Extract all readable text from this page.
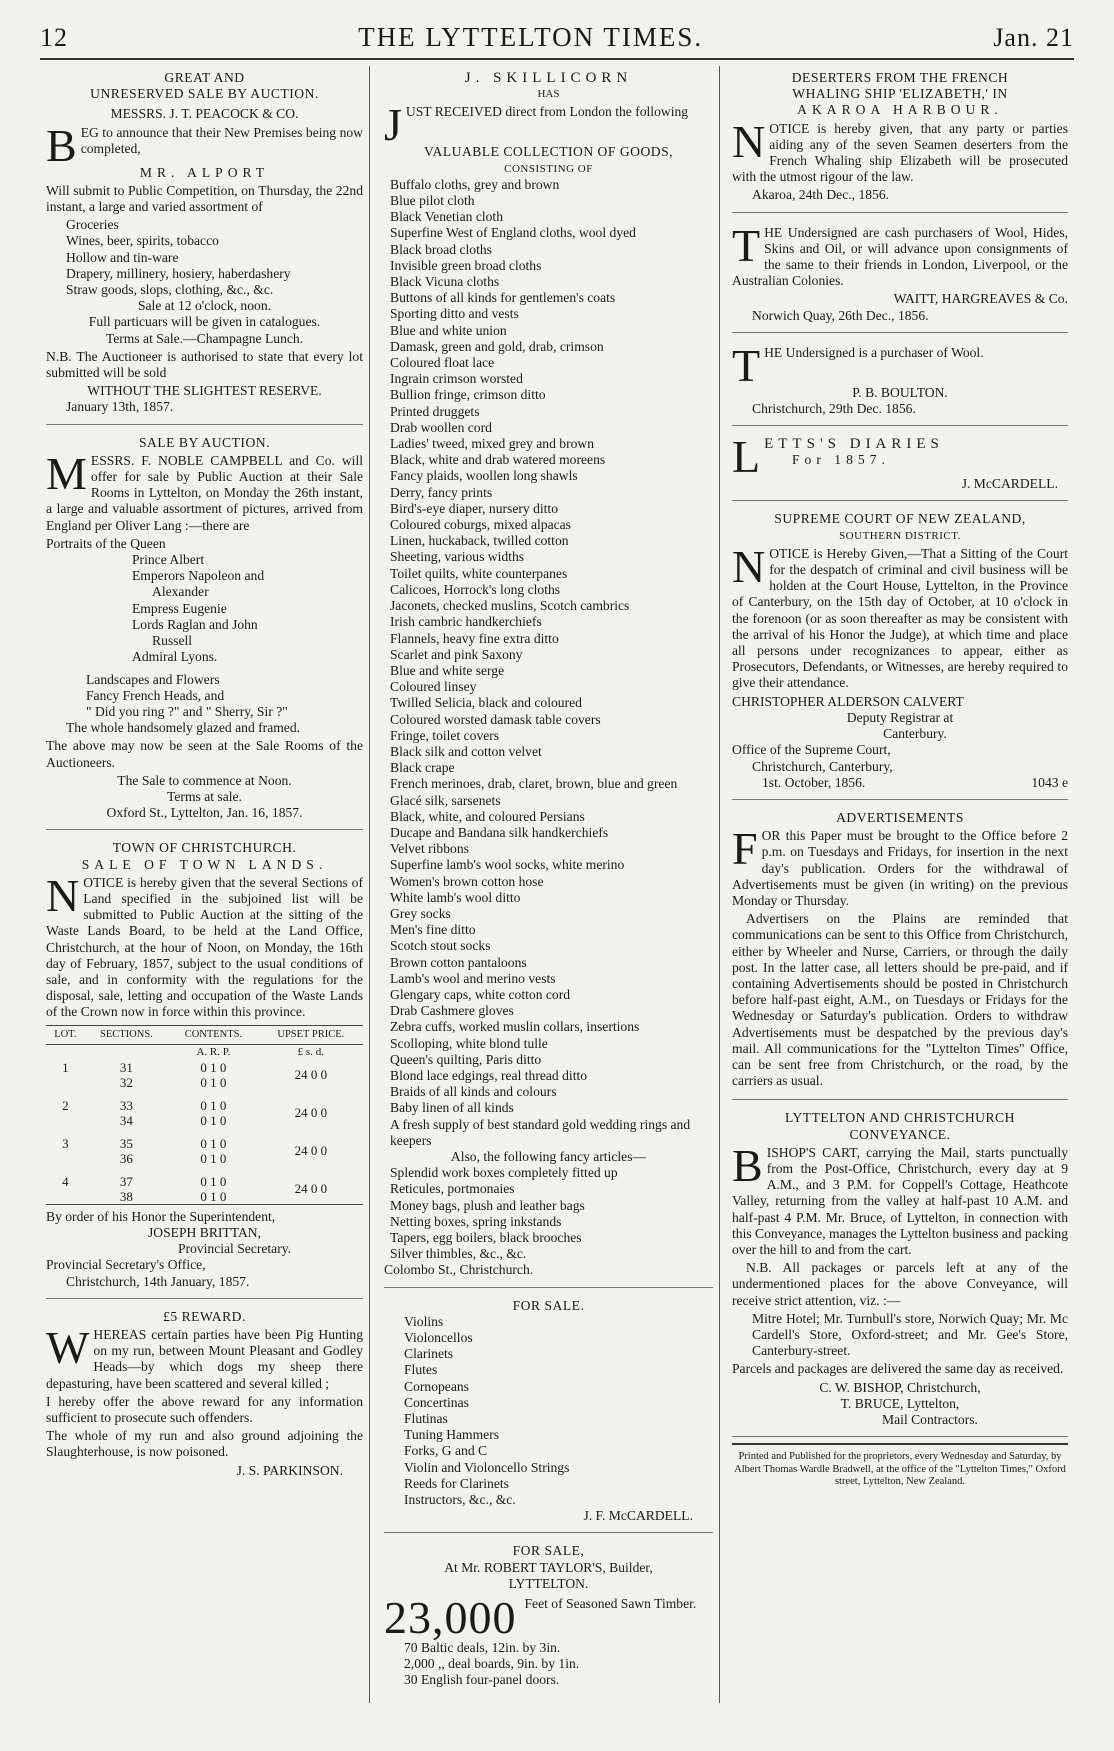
12	THE LYTTELTON TIMES.	Jan. 21
GREAT AND
UNRESERVED SALE BY AUCTION.
MESSRS. J. T. PEACOCK & CO.

BEG to announce that their New Premises being now completed,

MR. ALPORT

Will submit to Public Competition, on Thursday, the 22nd instant, a large and varied assortment of

Groceries
Wines, beer, spirits, tobacco
Hollow and tin-ware
Drapery, millinery, hosiery, haberdashery
Straw goods, slops, clothing, &c., &c.
Sale at 12 o'clock, noon.
Full particuars will be given in catalogues.
Terms at Sale.—Champagne Lunch.

N.B. The Auctioneer is authorised to state that every lot submitted will be sold

WITHOUT THE SLIGHTEST RESERVE.
January 13th, 1857.
SALE BY AUCTION.

MESSRS. F. NOBLE CAMPBELL and Co. will offer for sale by Public Auction at their Sale Rooms in Lyttelton, on Monday the 26th instant, a large and valuable assortment of pictures, arrived from England per Oliver Lang :—there are

Portraits of the Queen
Prince Albert
Emperors Napoleon and
Alexander
Empress Eugenie
Lords Raglan and John
Russell
Admiral Lyons.
Landscapes and Flowers
Fancy French Heads, and
" Did you ring ?" and " Sherry, Sir ?"
The whole handsomely glazed and framed.

The above may now be seen at the Sale Rooms of the Auctioneers.

The Sale to commence at Noon.
Terms at sale.
Oxford St., Lyttelton, Jan. 16, 1857.
TOWN OF CHRISTCHURCH.
SALE OF TOWN LANDS.

NOTICE is hereby given that the several Sections of Land specified in the subjoined list will be submitted to Public Auction at the sitting of the Waste Lands Board, to be held at the Land Office, Christchurch, at the hour of Noon, on Monday, the 16th day of February, 1857, subject to the usual conditions of sale, and in conformity with the regulations for the disposal, sale, letting and occupation of the Waste Lands of the Crown now in force within this province.

LOT.	SECTIONS.	CONTENTS.	UPSET PRICE.
		A. R. P.	£ s. d.
1	31	0 1 0	24 0 0
	32	0 1 0	
2	33	0 1 0	24 0 0
	34	0 1 0	
3	35	0 1 0	24 0 0
	36	0 1 0	
4	37	0 1 0	24 0 0
	38	0 1 0	
By order of his Honor the Superintendent,
JOSEPH BRITTAN,
Provincial Secretary.
Provincial Secretary's Office,
Christchurch, 14th January, 1857.
£5 REWARD.

WHEREAS certain parties have been Pig Hunting on my run, between Mount Pleasant and Godley Heads—by which dogs my sheep there depasturing, have been scattered and several killed ;

I hereby offer the above reward for any information sufficient to prosecute such offenders.

The whole of my run and also ground adjoining the Slaughterhouse, is now poisoned.

J. S. PARKINSON.
J. SKILLICORN
HAS

JUST RECEIVED direct from London the following

VALUABLE COLLECTION OF GOODS,
CONSISTING OF
Buffalo cloths, grey and brown
Blue pilot cloth
Black Venetian cloth
Superfine West of England cloths, wool dyed
Black broad cloths
Invisible green broad cloths
Black Vicuna cloths
Buttons of all kinds for gentlemen's coats
Sporting ditto and vests
Blue and white union
Damask, green and gold, drab, crimson
Coloured float lace
Ingrain crimson worsted
Bullion fringe, crimson ditto
Printed druggets
Drab woollen cord
Ladies' tweed, mixed grey and brown
Black, white and drab watered moreens
Fancy plaids, woollen long shawls
Derry, fancy prints
Bird's-eye diaper, nursery ditto
Coloured coburgs, mixed alpacas
Linen, huckaback, twilled cotton
Sheeting, various widths
Toilet quilts, white counterpanes
Calicoes, Horrock's long cloths
Jaconets, checked muslins, Scotch cambrics
Irish cambric handkerchiefs
Flannels, heavy fine extra ditto
Scarlet and pink Saxony
Blue and white serge
Coloured linsey
Twilled Selicia, black and coloured
Coloured worsted damask table covers
Fringe, toilet covers
Black silk and cotton velvet
Black crape
French merinoes, drab, claret, brown, blue and green
Glacé silk, sarsenets
Black, white, and coloured Persians
Ducape and Bandana silk handkerchiefs
Velvet ribbons
Superfine lamb's wool socks, white merino
Women's brown cotton hose
White lamb's wool ditto
Grey socks
Men's fine ditto
Scotch stout socks
Brown cotton pantaloons
Lamb's wool and merino vests
Glengary caps, white cotton cord
Drab Cashmere gloves
Zebra cuffs, worked muslin collars, insertions
Scolloping, white blond tulle
Queen's quilting, Paris ditto
Blond lace edgings, real thread ditto
Braids of all kinds and colours
Baby linen of all kinds
A fresh supply of best standard gold wedding rings and keepers
Also, the following fancy articles—
Splendid work boxes completely fitted up
Reticules, portmonaies
Money bags, plush and leather bags
Netting boxes, spring inkstands
Tapers, egg boilers, black brooches
Silver thimbles, &c., &c.
Colombo St., Christchurch.
FOR SALE.
Violins
Violoncellos
Clarinets
Flutes
Cornopeans
Concertinas
Flutinas
Tuning Hammers
Forks, G and C
Violin and Violoncello Strings
Reeds for Clarinets
Instructors, &c., &c.
J. F. McCARDELL.
FOR SALE,
At Mr. ROBERT TAYLOR'S, Builder,
LYTTELTON.
23,000 Feet of Seasoned Sawn Timber.
70 Baltic deals, 12in. by 3in.
2,000 ,, deal boards, 9in. by 1in.
30 English four-panel doors.
DESERTERS FROM THE FRENCH
WHALING SHIP 'ELIZABETH,' IN
AKAROA HARBOUR.

NOTICE is hereby given, that any party or parties aiding any of the seven Seamen deserters from the French Whaling ship Elizabeth will be prosecuted with the utmost rigour of the law.

Akaroa, 24th Dec., 1856.

THE Undersigned are cash purchasers of Wool, Hides, Skins and Oil, or will advance upon consignments of the same to their friends in London, Liverpool, or the Australian Colonies.

WAITT, HARGREAVES & Co.
Norwich Quay, 26th Dec., 1856.

THE Undersigned is a purchaser of Wool.

P. B. BOULTON.
Christchurch, 29th Dec. 1856.
L ETTS'S DIARIES
For 1857.
J. McCARDELL.
SUPREME COURT OF NEW ZEALAND,
SOUTHERN DISTRICT.

NOTICE is Hereby Given,—That a Sitting of the Court for the despatch of criminal and civil business will be holden at the Court House, Lyttelton, in the Province of Canterbury, on the 15th day of October, at 10 o'clock in the forenoon (or as soon thereafter as may be consistent with the arrival of his Honor the Judge), at which time and place all persons under recognizances to appear, either as Prosecutors, Defendants, or Witnesses, are hereby required to give their attendance.

CHRISTOPHER ALDERSON CALVERT
Deputy Registrar at
Canterbury.
Office of the Supreme Court,
Christchurch, Canterbury,
1st. October, 1856.	1043 e
ADVERTISEMENTS

FOR this Paper must be brought to the Office before 2 p.m. on Tuesdays and Fridays, for insertion in the next day's publication. Orders for the withdrawal of Advertisements must be given (in writing) on the previous Monday or Thursday.

Advertisers on the Plains are reminded that communications can be sent to this Office from Christchurch, either by Wheeler and Nurse, Carriers, or through the daily post. In the latter case, all letters should be pre-paid, and if containing Advertisements should be posted in Christchurch before half-past eight, A.M., on Tuesdays or Fridays for the Wednesday or Saturday's publication. Orders to withdraw Advertisements must be despatched by the previous day's mail. All communications for the "Lyttelton Times" Office, can be sent free from Christchurch, or the road, by the carriers as usual.

LYTTELTON AND CHRISTCHURCH
CONVEYANCE.

BISHOP'S CART, carrying the Mail, starts punctually from the Post-Office, Christchurch, every day at 9 A.M., and 3 P.M. for Coppell's Cottage, Heathcote Valley, returning from the valley at half-past 10 A.M. and half-past 4 P.M. Mr. Bruce, of Lyttelton, in connection with this Conveyance, manages the Lyttelton business and packing over the hill to and from the cart.

N.B. All packages or parcels left at any of the undermentioned places for the above Conveyance, will receive strict attention, viz. :—

Mitre Hotel; Mr. Turnbull's store, Norwich Quay; Mr. Mc Cardell's Store, Oxford-street; and Mr. Gee's Store, Canterbury-street.

Parcels and packages are delivered the same day as received.

C. W. BISHOP, Christchurch,
T. BRUCE, Lyttelton,
Mail Contractors.
Printed and Published for the proprietors, every Wednesday and Saturday, by Albert Thomas Wardle Bradwell, at the office of the "Lyttelton Times," Oxford street, Lyttelton, New Zealand.
